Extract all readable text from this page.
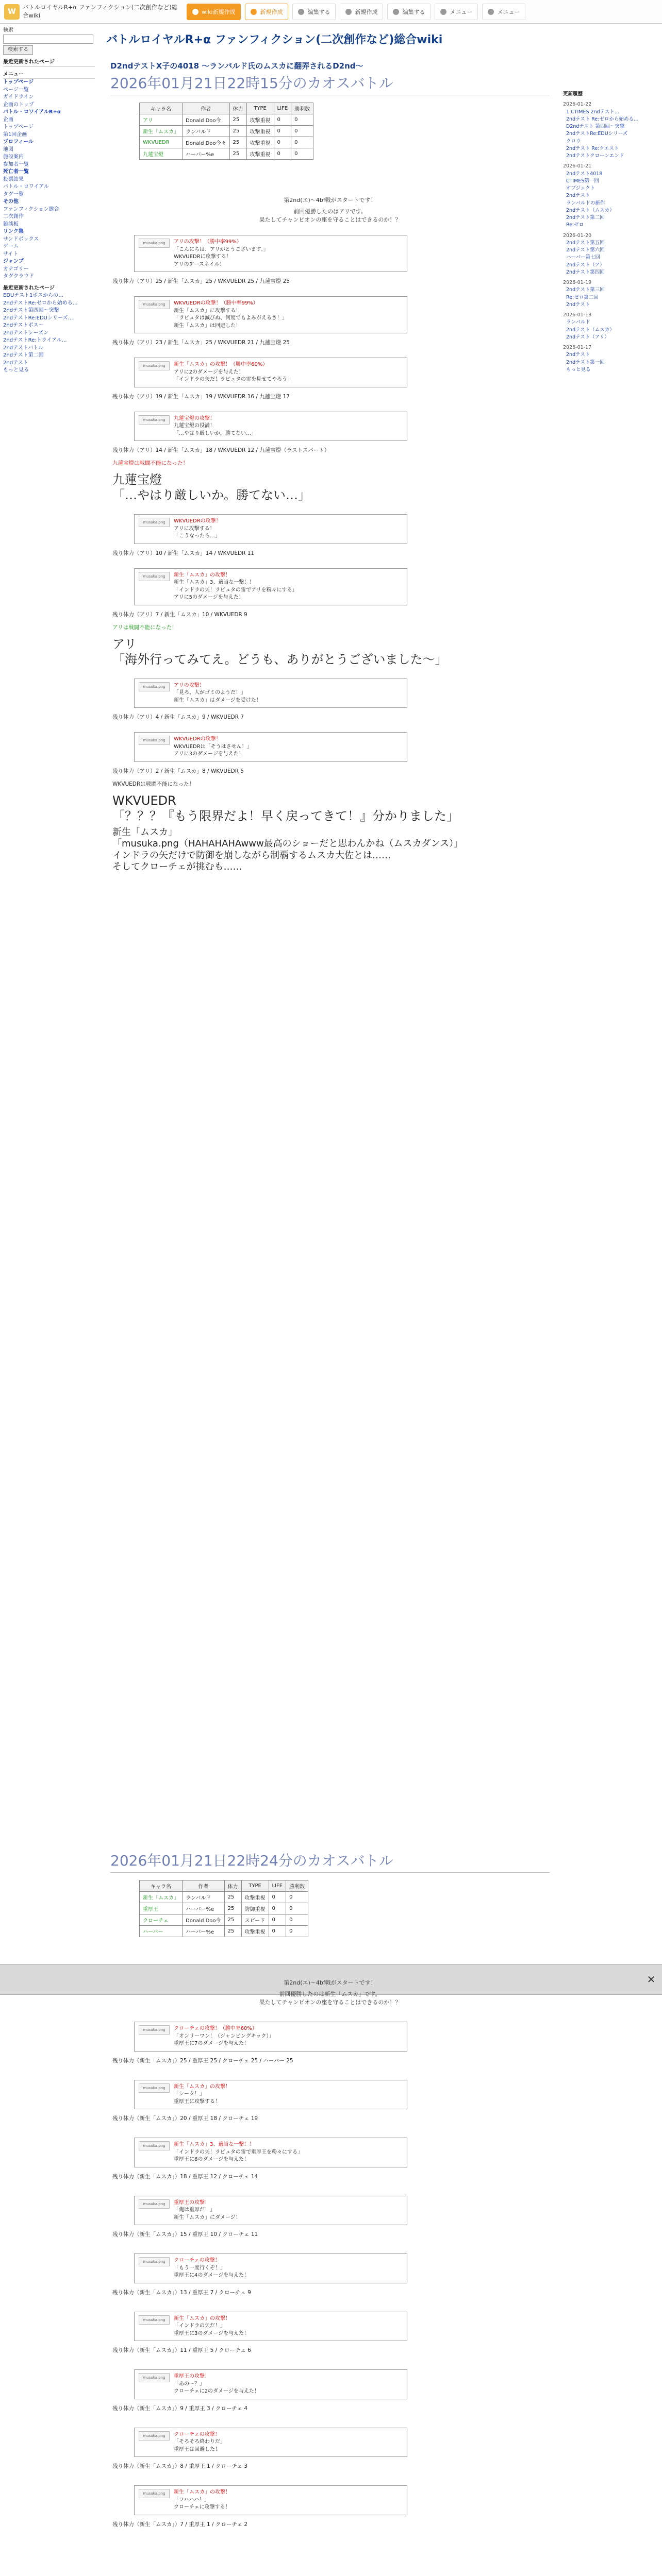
W
バトルロイヤルR+α ファンフィクション(二次創作など)総合wiki	wiki新規作成	新規作成	編集する	新規作成	編集する	メニュー	メニュー
検索
検索する
最近更新されたページ
メニュー
トップページ
ページ一覧
ガイドライン
企画のトップ
バトル・ロワイアルR+α
企画
トップページ
第1回企画
プロフィール
地図
施設案内
参加者一覧
死亡者一覧
投票結果
バトル・ロワイアル
タグ一覧
その他
ファンフィクション総合
二次創作
雑談板
リンク集
サンドボックス
ゲーム
サイト
ジャンプ
カテゴリー
タグクラウド
最近更新されたページ
EDUテスト1ボスからの…
2ndテストRe:ゼロから始める…
2ndテスト第四回〜突撃
2ndテストRe:EDUシリーズ…
2ndテストボス〜
2ndテストシーズン
2ndテストRe:トライアル…
2ndテストバトル
2ndテスト第二回
2ndテスト
もっと見る
バトルロイヤルR+α ファンフィクション(二次創作など)総合wiki
D2ndテストX子の4018 〜ランバルド氏のムスカに翻弄されるD2nd〜
2026年01月21日22時15分のカオスバトル
キャラ名	作者	体力	TYPE	LIFE	勝利数
アリ	Donald Doo今	25	攻撃重視	0	0
新生「ムスカ」	ランバルド	25	攻撃重視	0	0
WKVUEDR	Donald Doo今々	25	攻撃重視	0	0
九蓮宝燈	ハーバー%e	25	攻撃重視	0	0
第2nd(エ)〜4bf戦がスタートです！
前回優勝したのはアリです。
果たしてチャンピオンの座を守ることはできるのか！？
musuka.png	アリの攻撃！（勝中率99%）
「こんにちは、アリがとうございます。」
WKVUEDRに攻撃する！
アリのアースネイル！
残り体力（アリ）25 / 新生「ムスカ」25 / WKVUEDR 25 / 九蓮宝燈 25
musuka.png	WKVUEDRの攻撃！（勝中率99%）
新生「ムスカ」に攻撃する！
「ラピュタは滅びぬ、何度でもよみがえるさ！」
新生「ムスカ」は回避した！
残り体力（アリ）23 / 新生「ムスカ」25 / WKVUEDR 21 / 九蓮宝燈 25
musuka.png	新生「ムスカ」の攻撃！（勝中率60%）
アリに2のダメージを与えた！
「インドラの矢だ！ラピュタの雷を見せてやろう」
残り体力（アリ）19 / 新生「ムスカ」19 / WKVUEDR 16 / 九蓮宝燈 17
musuka.png	九蓮宝燈の攻撃！
九蓮宝燈の役満！
「…やはり厳しいか。勝てない…」
残り体力（アリ）14 / 新生「ムスカ」18 / WKVUEDR 12 / 九蓮宝燈（ラストスパート）
九蓮宝燈は戦闘不能になった！
九蓮宝燈
「…やはり厳しいか。勝てない…」
musuka.png	WKVUEDRの攻撃！
アリに攻撃する！
「こうなったら…」
残り体力（アリ）10 / 新生「ムスカ」14 / WKVUEDR 11
musuka.png	新生「ムスカ」の攻撃！
新生「ムスカ」3、適当な一撃！！
「インドラの矢！ラピュタの雷でアリを粉々にする」
アリに5のダメージを与えた！
残り体力（アリ）7 / 新生「ムスカ」10 / WKVUEDR 9
アリは戦闘不能になった！
アリ
「海外行ってみてえ。どうも、ありがとうございました〜」
musuka.png	アリの攻撃！
「見ろ、人がゴミのようだ！」
新生「ムスカ」はダメージを受けた！
残り体力（アリ）4 / 新生「ムスカ」9 / WKVUEDR 7
musuka.png	WKVUEDRの攻撃！
WKVUEDRは「そうはさせん！」
アリに3のダメージを与えた！
残り体力（アリ）2 / 新生「ムスカ」8 / WKVUEDR 5
WKVUEDRは戦闘不能になった！
WKVUEDR
「？？？『もう限界だよ！早く戻ってきて！』分かりました」
新生「ムスカ」
「musuka.png（HAHAHAHAwww最高のショーだと思わんかね（ムスカダンス）」
インドラの矢だけで防御を崩しながら制覇するムスカ大佐とは……
そしてクローチェが挑むも……
✕
2026年01月21日22時24分のカオスバトル
キャラ名	作者	体力	TYPE	LIFE	勝利数
新生「ムスカ」	ランバルド	25	攻撃重視	0	0
重厚王	ハーバー%e	25	防御重視	0	0
クローチェ	Donald Doo今	25	スピード	0	0
ハーバー	ハーバー%e	25	攻撃重視	0	0
第2nd(エ)〜4bf戦がスタートです！
前回優勝したのは新生「ムスカ」です。
果たしてチャンピオンの座を守ることはできるのか！？
musuka.png	クローチェの攻撃！（勝中率60%）
「オンリーワン！（ジャンピングキック）」
重厚王に7のダメージを与えた！
残り体力（新生「ムスカ」）25 / 重厚王 25 / クローチェ 25 / ハーバー 25
musuka.png	新生「ムスカ」の攻撃！
「シータ！」
重厚王に攻撃する！
残り体力（新生「ムスカ」）20 / 重厚王 18 / クローチェ 19
musuka.png	新生「ムスカ」3、適当な一撃！！
「インドラの矢！ラピュタの雷で重厚王を粉々にする」
重厚王に6のダメージを与えた！
残り体力（新生「ムスカ」）18 / 重厚王 12 / クローチェ 14
musuka.png	重厚王の攻撃！
「俺は重厚だ！」
新生「ムスカ」にダメージ！
残り体力（新生「ムスカ」）15 / 重厚王 10 / クローチェ 11
musuka.png	クローチェの攻撃！
「もう一度行くぞ！」
重厚王に4のダメージを与えた！
残り体力（新生「ムスカ」）13 / 重厚王 7 / クローチェ 9
musuka.png	新生「ムスカ」の攻撃！
「インドラの矢だ！」
重厚王に3のダメージを与えた！
残り体力（新生「ムスカ」）11 / 重厚王 5 / クローチェ 6
musuka.png	重厚王の攻撃！
「あの〜？」
クローチェに2のダメージを与えた！
残り体力（新生「ムスカ」）9 / 重厚王 3 / クローチェ 4
musuka.png	クローチェの攻撃！
「そろそろ終わりだ」
重厚王は回避した！
残り体力（新生「ムスカ」）8 / 重厚王 1 / クローチェ 3
musuka.png	新生「ムスカ」の攻撃！
「フハハハ！」
クローチェに攻撃する！
残り体力（新生「ムスカ」）7 / 重厚王 1 / クローチェ 2
更新履歴
2026-01-22
1 CTIMES 2ndテスト…
2ndテスト Re:ゼロから始める…
D2ndテスト 第四回〜突撃
2ndテストRe:EDUシリーズ
クロウ
2ndテスト Re:クエスト
2ndテストクローンエンド
2026-01-21
2ndテスト4018
CTIMES第一回
オブジェクト
2ndテスト
ランバルドの新作
2ndテスト（ムスカ）
2ndテスト第二回
Re:ゼロ
2026-01-20
2ndテスト第五回
2ndテスト第六回
ハーバー第七回
2ndテスト（ア）
2ndテスト第四回
2026-01-19
2ndテスト第三回
Re:ゼロ第二回
2ndテスト
2026-01-18
ランバルド
2ndテスト（ムスカ）
2ndテスト（アリ）
2026-01-17
2ndテスト
2ndテスト第一回
もっと見る
